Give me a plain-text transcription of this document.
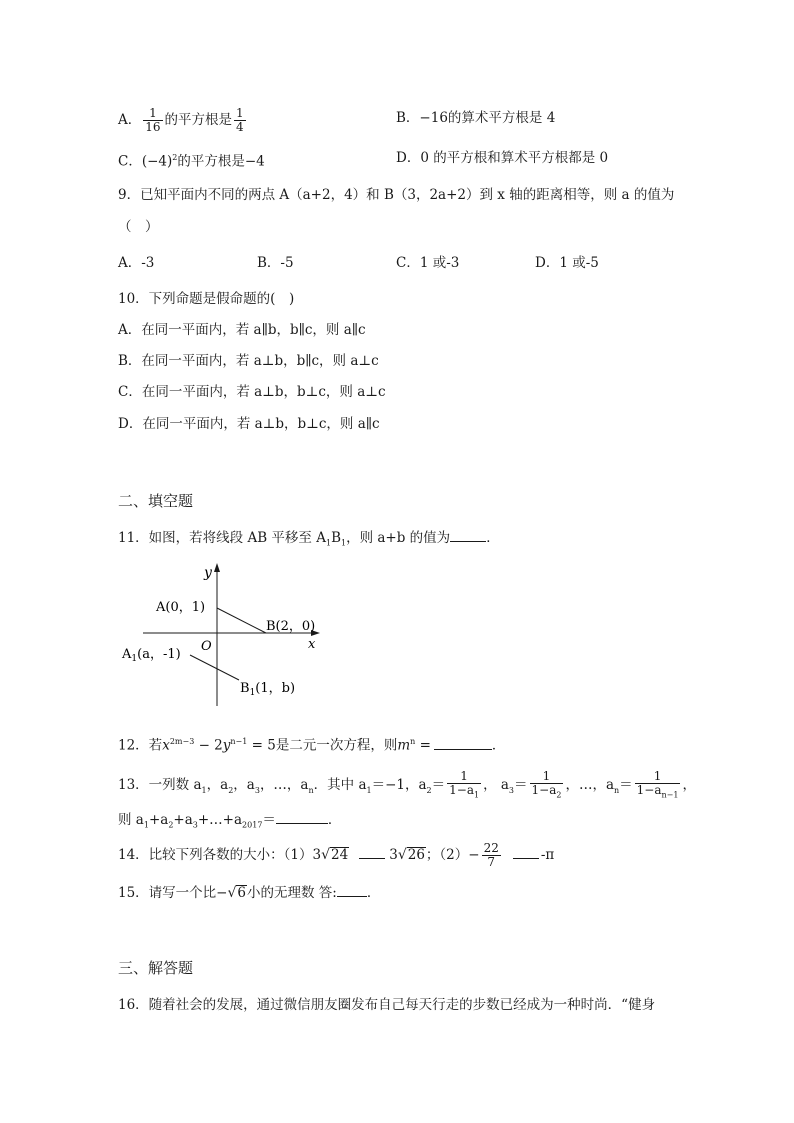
A． $\frac{1}{16}$ 的平方根是 $\frac{1}{4}$	B．−16的算术平方根是 4
C．$(-4)^2$的平方根是−4	D．0 的平方根和算术平方根都是 0
9．已知平面内不同的两点 A（a+2，4）和 B（3，2a+2）到 x 轴的距离相等，则 a 的值为
（　）
A．-3	B．-5	C．1 或-3	D．1 或-5
10．下列命题是假命题的(　)
A．在同一平面内，若 a∥b，b∥c，则 a∥c
B．在同一平面内，若 a⊥b，b∥c，则 a⊥c
C．在同一平面内，若 a⊥b，b⊥c，则 a⊥c
D．在同一平面内，若 a⊥b，b⊥c，则 a∥c
二、填空题
11．如图，若将线段 AB 平移至 $A_1B_1$，则 a+b 的值为	．
y
x
O
A(0，1)
B(2，0)
$A_1(a$，-1)
$B_1(1$，b)
12．若$x^{2m-3} - 2y^{n-1} = 5$是二元一次方程，则$m^n$ =	．
13．一列数 $a_1$，$a_2$，$a_3$，…，$a_n$．其中 $a_1=-1$，$a_2= \frac{1}{1-a_1}$ ， $a_3= \frac{1}{1-a_2}$ ，…，$a_n= \frac{1}{1-a_{n-1}}$ ，
则 $a_1+a_2+a_3+\dots+a_{2017}=$	．
14．比较下列各数的大小：（1）3√24	3√26；$(2)- \frac{22}{7}$	-π
15．请写一个比−√6小的无理数 答: ．
三、解答题
16．随着社会的发展，通过微信朋友圈发布自己每天行走的步数已经成为一种时尚．“健身
